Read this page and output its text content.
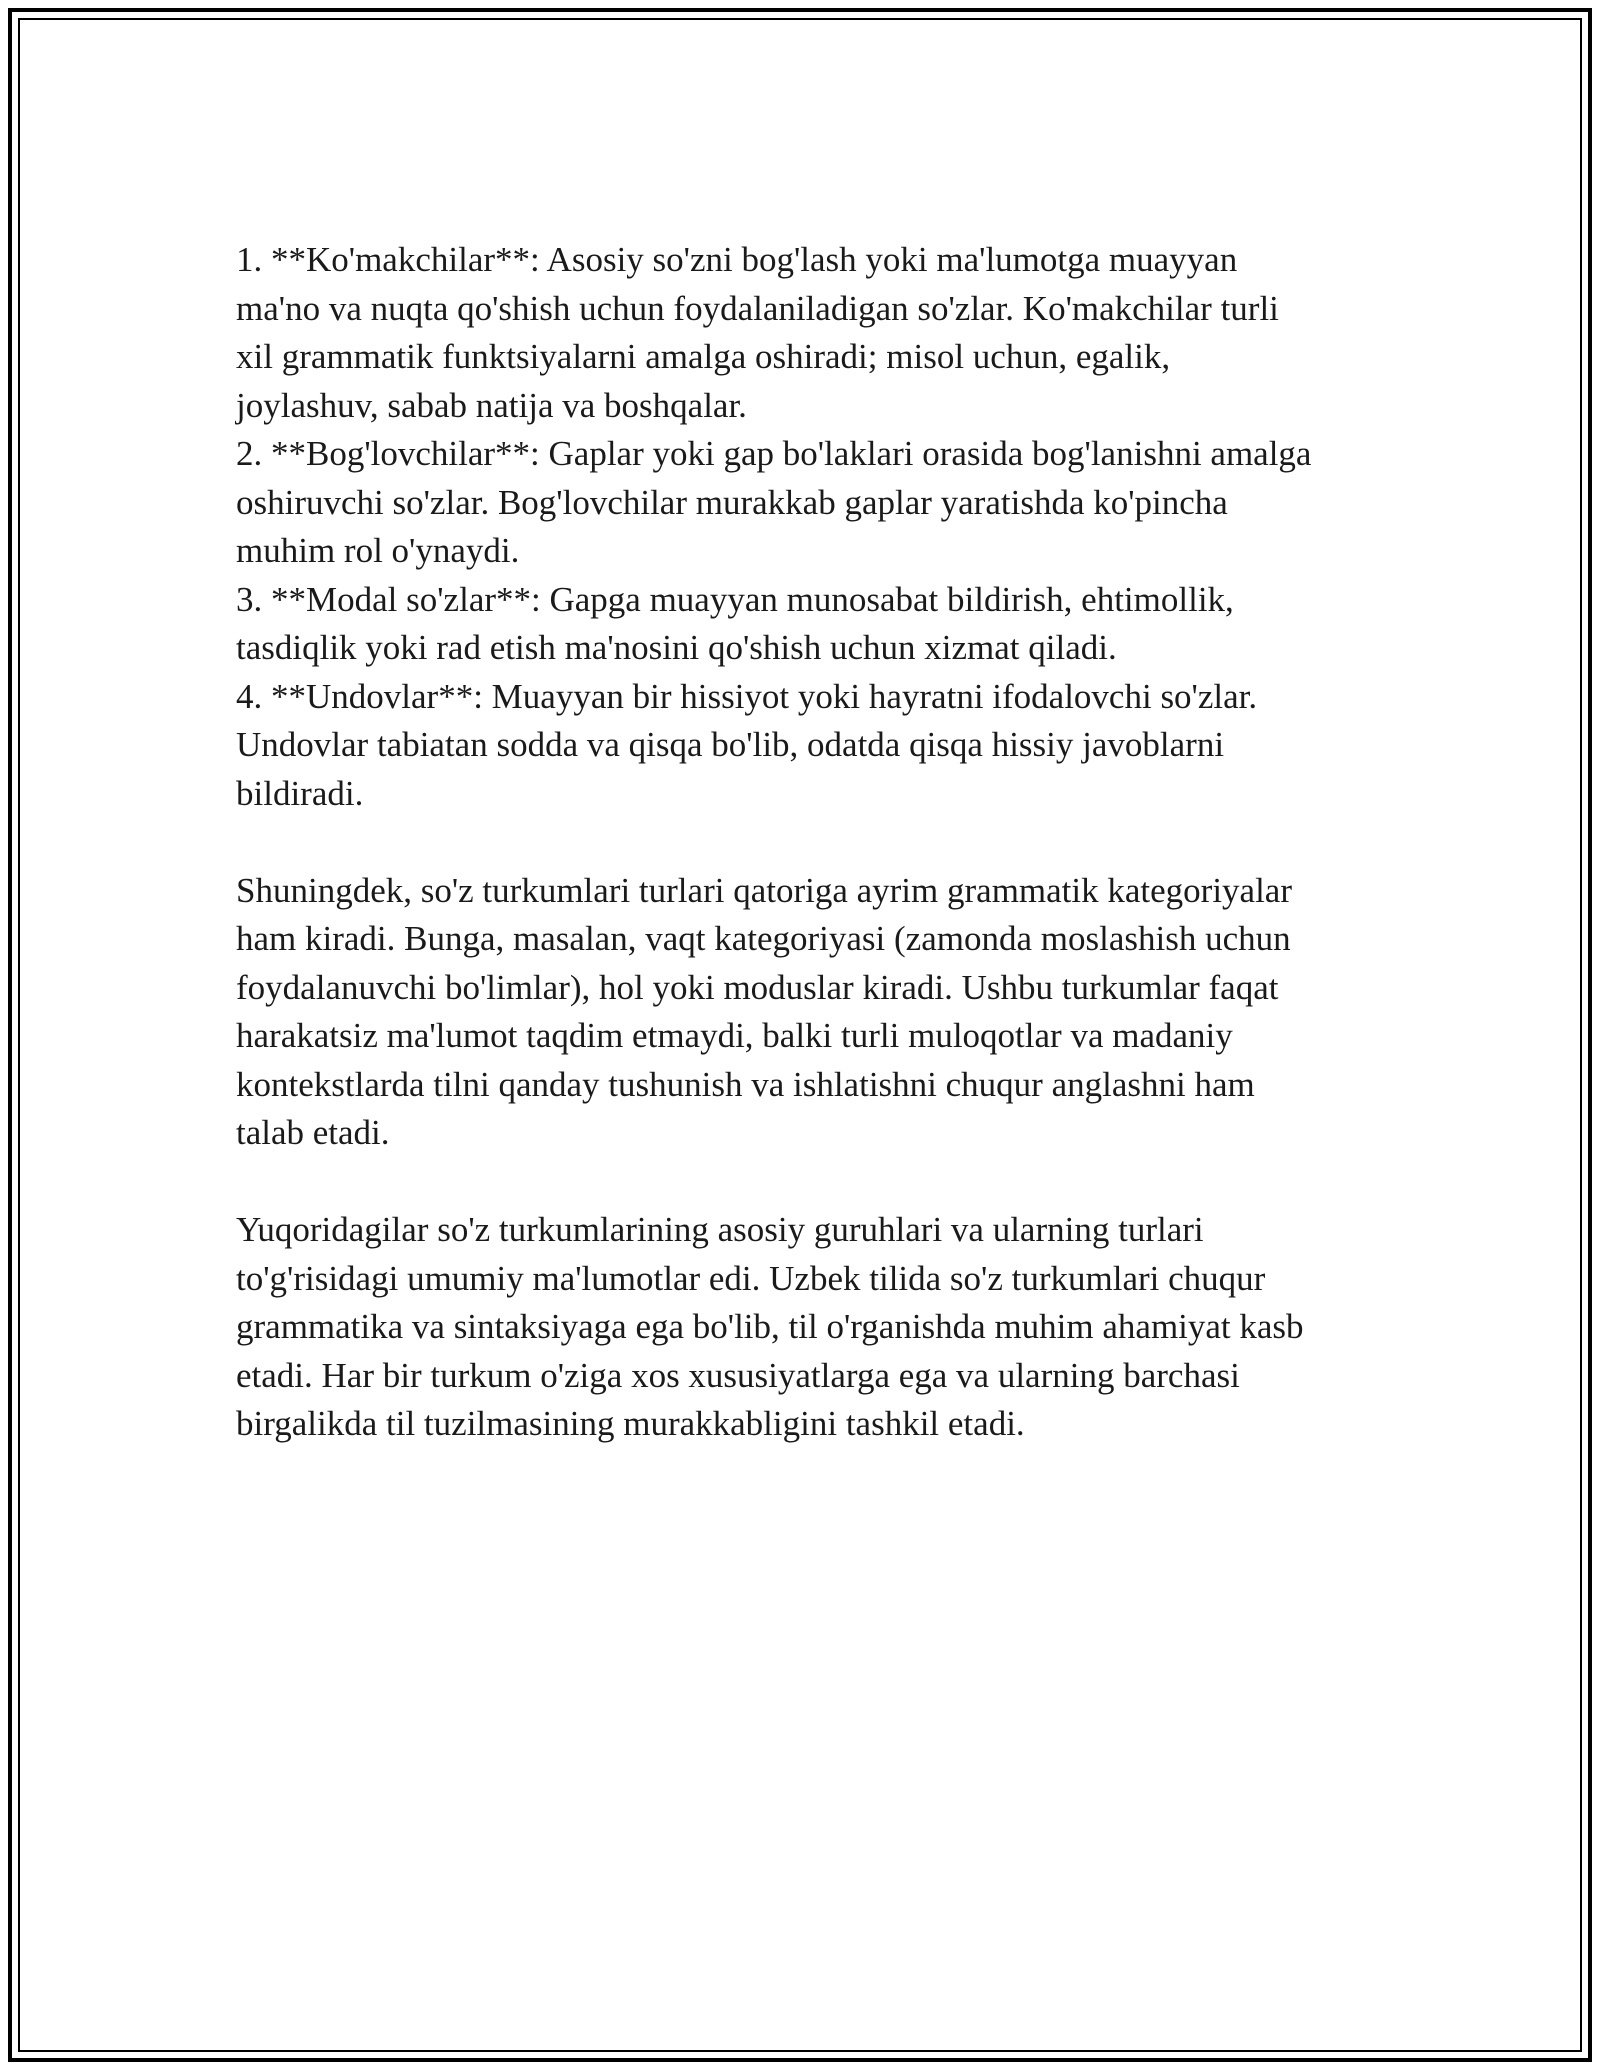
1. **Ko'makchilar**: Asosiy so'zni bog'lash yoki ma'lumotga muayyan
ma'no va nuqta qo'shish uchun foydalaniladigan so'zlar. Ko'makchilar turli
xil grammatik funktsiyalarni amalga oshiradi; misol uchun, egalik,
joylashuv, sabab natija va boshqalar.
2. **Bog'lovchilar**: Gaplar yoki gap bo'laklari orasida bog'lanishni amalga
oshiruvchi so'zlar. Bog'lovchilar murakkab gaplar yaratishda ko'pincha
muhim rol o'ynaydi.
3. **Modal so'zlar**: Gapga muayyan munosabat bildirish, ehtimollik,
tasdiqlik yoki rad etish ma'nosini qo'shish uchun xizmat qiladi.
4. **Undovlar**: Muayyan bir hissiyot yoki hayratni ifodalovchi so'zlar.
Undovlar tabiatan sodda va qisqa bo'lib, odatda qisqa hissiy javoblarni
bildiradi.
Shuningdek, so'z turkumlari turlari qatoriga ayrim grammatik kategoriyalar
ham kiradi. Bunga, masalan, vaqt kategoriyasi (zamonda moslashish uchun
foydalanuvchi bo'limlar), hol yoki moduslar kiradi. Ushbu turkumlar faqat
harakatsiz ma'lumot taqdim etmaydi, balki turli muloqotlar va madaniy
kontekstlarda tilni qanday tushunish va ishlatishni chuqur anglashni ham
talab etadi.
Yuqoridagilar so'z turkumlarining asosiy guruhlari va ularning turlari
to'g'risidagi umumiy ma'lumotlar edi. Uzbek tilida so'z turkumlari chuqur
grammatika va sintaksiyaga ega bo'lib, til o'rganishda muhim ahamiyat kasb
etadi. Har bir turkum o'ziga xos xususiyatlarga ega va ularning barchasi
birgalikda til tuzilmasining murakkabligini tashkil etadi.
